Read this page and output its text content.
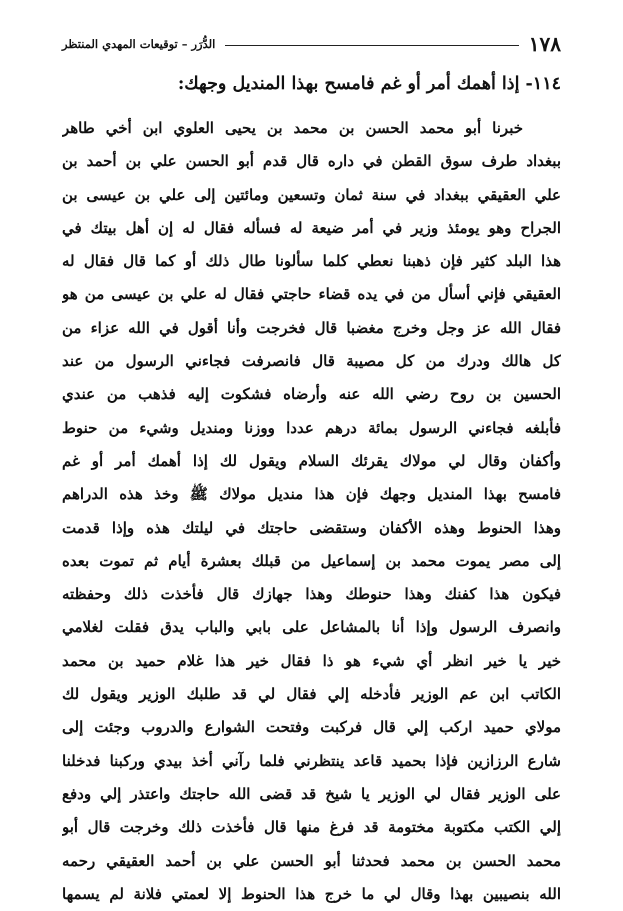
١٧٨
الدُّرَر – توقيعات المهدي المنتظر
١١٤- إذا أهمك أمر أو غم فامسح بهذا المنديل وجهك:
خبرنا أبو محمد الحسن بن محمد بن يحيى العلوي ابن أخي طاهر
ببغداد طرف سوق القطن في داره قال قدم أبو الحسن علي بن أحمد بن
علي العقيقي ببغداد في سنة ثمان وتسعين ومائتين إلى علي بن عيسى بن
الجراح وهو يومئذ وزير في أمر ضيعة له فسأله فقال له إن أهل بيتك في
هذا البلد كثير فإن ذهبنا نعطي كلما سألونا طال ذلك أو كما قال فقال له
العقيقي فإني أسأل من في يده قضاء حاجتي فقال له علي بن عيسى من هو
فقال الله عز وجل وخرج مغضبا قال فخرجت وأنا أقول في الله عزاء من
كل هالك ودرك من كل مصيبة قال فانصرفت فجاءني الرسول من عند
الحسين بن روح رضي الله عنه وأرضاه فشكوت إليه فذهب من عندي
فأبلغه فجاءني الرسول بمائة درهم عددا ووزنا ومنديل وشيء من حنوط
وأكفان وقال لي مولاك يقرئك السلام ويقول لك إذا أهمك أمر أو غم
فامسح بهذا المنديل وجهك فإن هذا منديل مولاك ﷺ وخذ هذه الدراهم
وهذا الحنوط وهذه الأكفان وستقضى حاجتك في ليلتك هذه وإذا قدمت
إلى مصر يموت محمد بن إسماعيل من قبلك بعشرة أيام ثم تموت بعده
فيكون هذا كفنك وهذا حنوطك وهذا جهازك قال فأخذت ذلك وحفظته
وانصرف الرسول وإذا أنا بالمشاعل على بابي والباب يدق فقلت لغلامي
خير يا خير انظر أي شيء هو ذا فقال خير هذا غلام حميد بن محمد
الكاتب ابن عم الوزير فأدخله إلي فقال لي قد طلبك الوزير ويقول لك
مولاي حميد اركب إلي قال فركبت وفتحت الشوارع والدروب وجئت إلى
شارع الرزازين فإذا بحميد قاعد ينتظرني فلما رآني أخذ بيدي وركبنا فدخلنا
على الوزير فقال لي الوزير يا شيخ قد قضى الله حاجتك واعتذر إلي ودفع
إلي الكتب مكتوبة مختومة قد فرغ منها قال فأخذت ذلك وخرجت قال أبو
محمد الحسن بن محمد فحدثنا أبو الحسن علي بن أحمد العقيقي رحمه
الله بنصيبين بهذا وقال لي ما خرج هذا الحنوط إلا لعمتي فلانة لم يسمها
